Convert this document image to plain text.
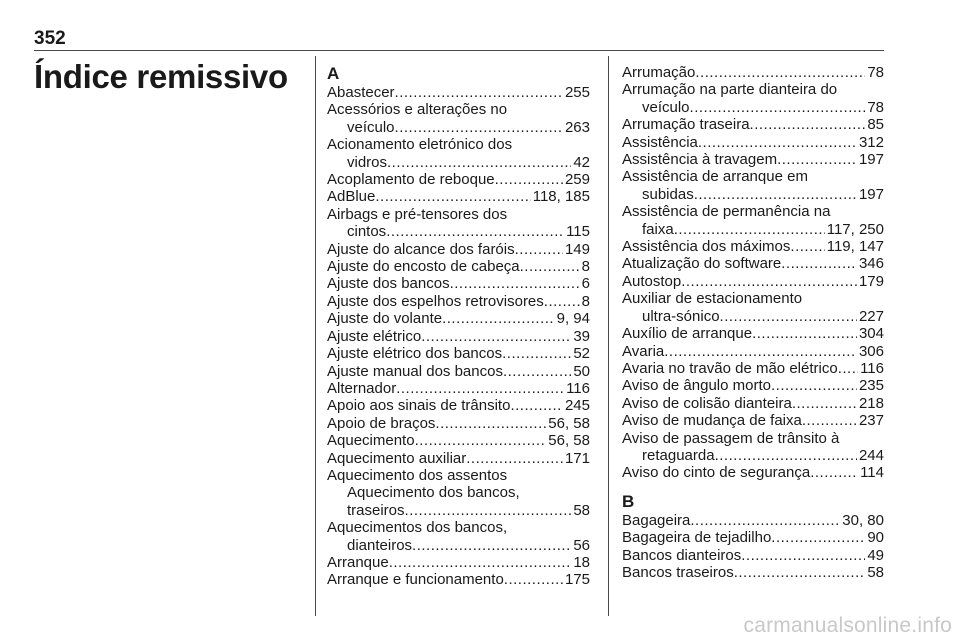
352
Índice remissivo A
Abastecer .....	255
Acessórios e alterações no
veículo .....	263
Acionamento eletrónico dos
vidros .....	42
Acoplamento de reboque .....	259
AdBlue .....	118, 185
Airbags e pré-tensores dos
cintos .....	115
Ajuste do alcance dos faróis .....	149
Ajuste do encosto de cabeça .....	8
Ajuste dos bancos .....	6
Ajuste dos espelhos retrovisores .....	8
Ajuste do volante .....	9, 94
Ajuste elétrico .....	39
Ajuste elétrico dos bancos .....	52
Ajuste manual dos bancos .....	50
Alternador .....	116
Apoio aos sinais de trânsito .....	245
Apoio de braços .....	56, 58
Aquecimento .....	56, 58
Aquecimento auxiliar .....	171
Aquecimento dos assentos
Aquecimento dos bancos,
traseiros .....	58
Aquecimentos dos bancos,
dianteiros .....	56
Arranque .....	18
Arranque e funcionamento .....	175
Arrumação .....	78
Arrumação na parte dianteira do
veículo .....	78
Arrumação traseira .....	85
Assistência .....	312
Assistência à travagem .....	197
Assistência de arranque em
subidas .....	197
Assistência de permanência na
faixa .....	117, 250
Assistência dos máximos ..... 119, 147
Atualização do software .....	346
Autostop .....	179
Auxiliar de estacionamento
ultra-sónico .....	227
Auxílio de arranque .....	304
Avaria .....	306
Avaria no travão de mão elétrico ..... 116
Aviso de ângulo morto .....	235
Aviso de colisão dianteira .....	218
Aviso de mudança de faixa .....	237
Aviso de passagem de trânsito à
retaguarda .....	244
Aviso do cinto de segurança .....	114
B
Bagageira .....	30, 80
Bagageira de tejadilho .....	90
Bancos dianteiros .....	49
Bancos traseiros .....	58
carmanualsonline.info
